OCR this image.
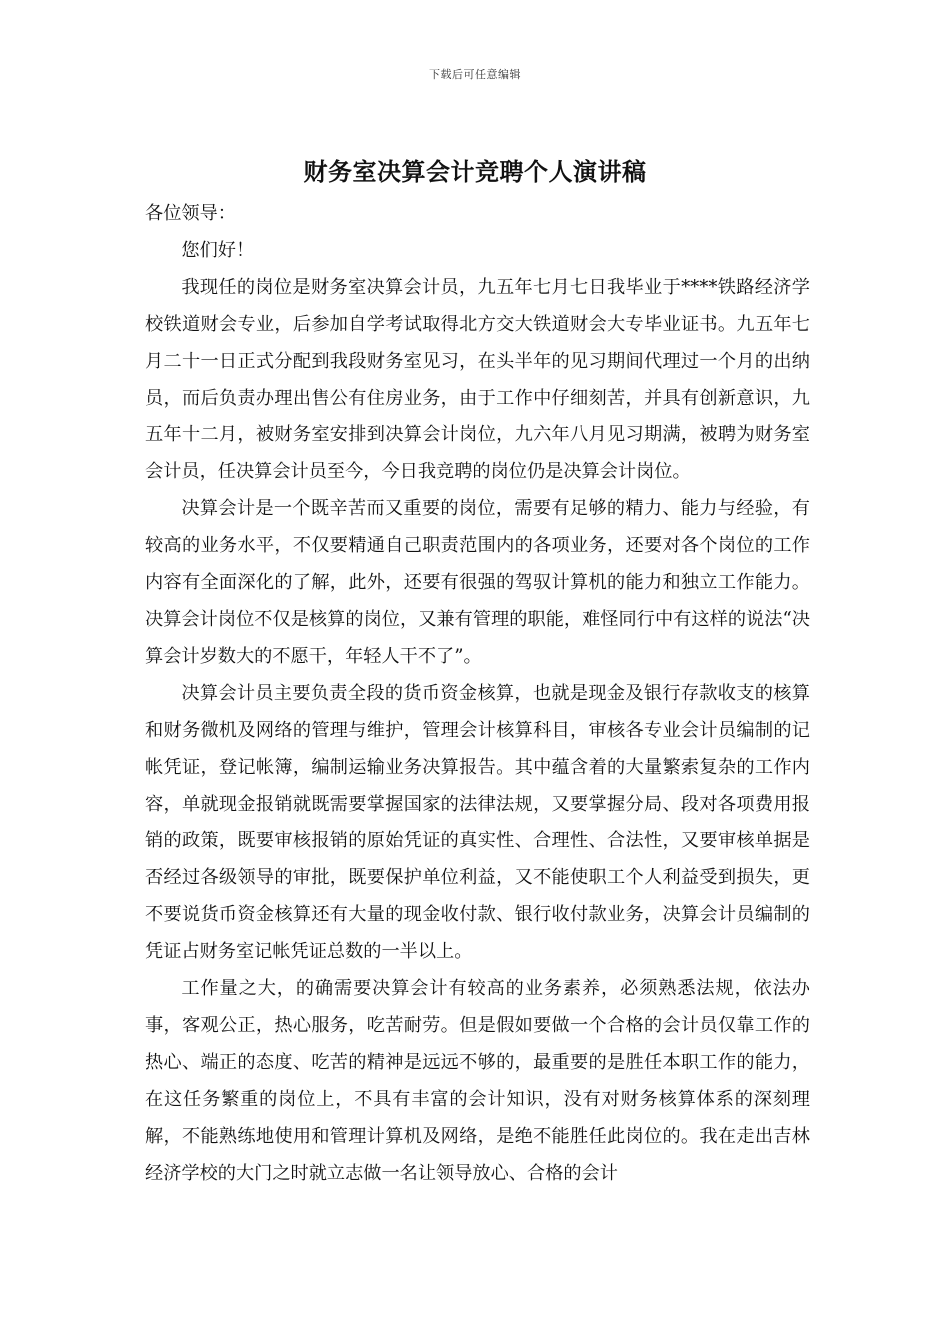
下载后可任意编辑
财务室决算会计竞聘个人演讲稿

各位领导：

您们好！

我现任的岗位是财务室决算会计员，九五年七月七日我毕业于****铁路经济学校铁道财会专业，后参加自学考试取得北方交大铁道财会大专毕业证书。九五年七月二十一日正式分配到我段财务室见习，在头半年的见习期间代理过一个月的出纳员，而后负责办理出售公有住房业务，由于工作中仔细刻苦，并具有创新意识，九五年十二月，被财务室安排到决算会计岗位，九六年八月见习期满，被聘为财务室会计员，任决算会计员至今，今日我竞聘的岗位仍是决算会计岗位。

决算会计是一个既辛苦而又重要的岗位，需要有足够的精力、能力与经验，有较高的业务水平，不仅要精通自己职责范围内的各项业务，还要对各个岗位的工作内容有全面深化的了解，此外，还要有很强的驾驭计算机的能力和独立工作能力。决算会计岗位不仅是核算的岗位，又兼有管理的职能，难怪同行中有这样的说法“决算会计岁数大的不愿干，年轻人干不了”。

决算会计员主要负责全段的货币资金核算，也就是现金及银行存款收支的核算和财务微机及网络的管理与维护，管理会计核算科目，审核各专业会计员编制的记帐凭证，登记帐簿，编制运输业务决算报告。其中蕴含着的大量繁索复杂的工作内容，单就现金报销就既需要掌握国家的法律法规，又要掌握分局、段对各项费用报销的政策，既要审核报销的原始凭证的真实性、合理性、合法性，又要审核单据是否经过各级领导的审批，既要保护单位利益，又不能使职工个人利益受到损失，更不要说货币资金核算还有大量的现金收付款、银行收付款业务，决算会计员编制的凭证占财务室记帐凭证总数的一半以上。

工作量之大，的确需要决算会计有较高的业务素养，必须熟悉法规，依法办事，客观公正，热心服务，吃苦耐劳。但是假如要做一个合格的会计员仅靠工作的热心、端正的态度、吃苦的精神是远远不够的，最重要的是胜任本职工作的能力，在这任务繁重的岗位上，不具有丰富的会计知识，没有对财务核算体系的深刻理解，不能熟练地使用和管理计算机及网络，是绝不能胜任此岗位的。我在走出吉林经济学校的大门之时就立志做一名让领导放心、合格的会计
